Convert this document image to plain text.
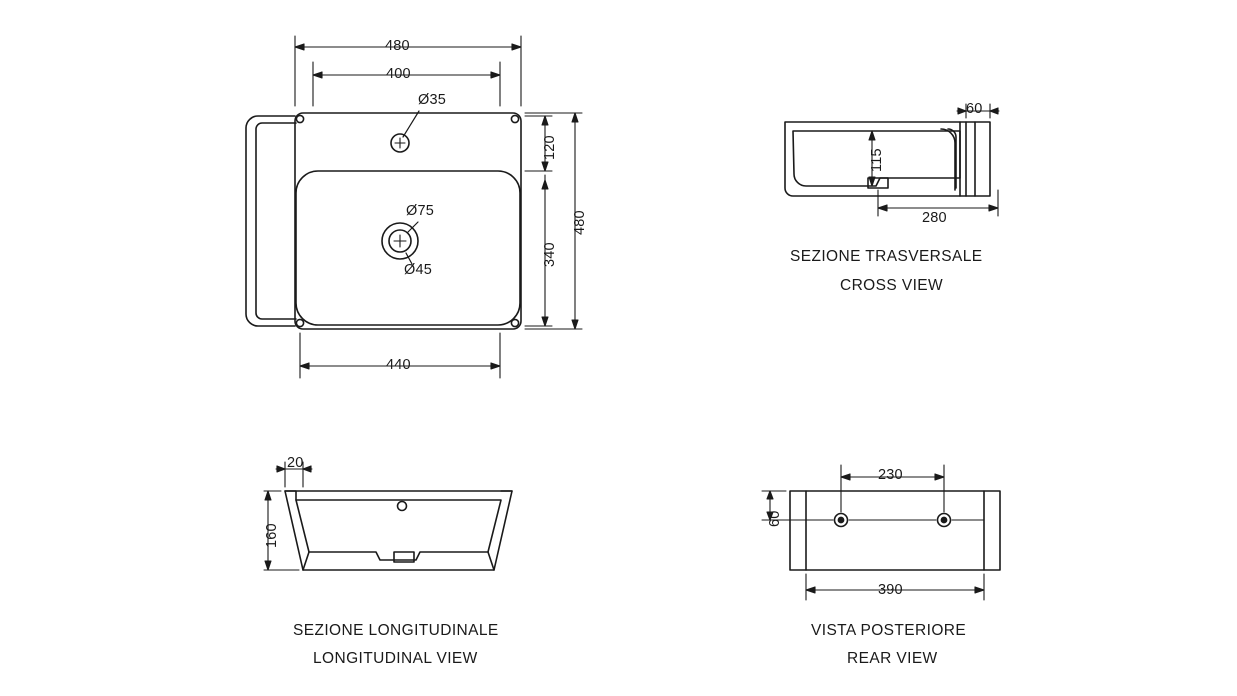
480
400
440
480
120
340
Ø35
Ø75
Ø45
60
115
280
SEZIONE TRASVERSALE
CROSS VIEW
20
160
SEZIONE LONGITUDINALE
LONGITUDINAL VIEW
230
60
390
VISTA POSTERIORE
REAR VIEW
